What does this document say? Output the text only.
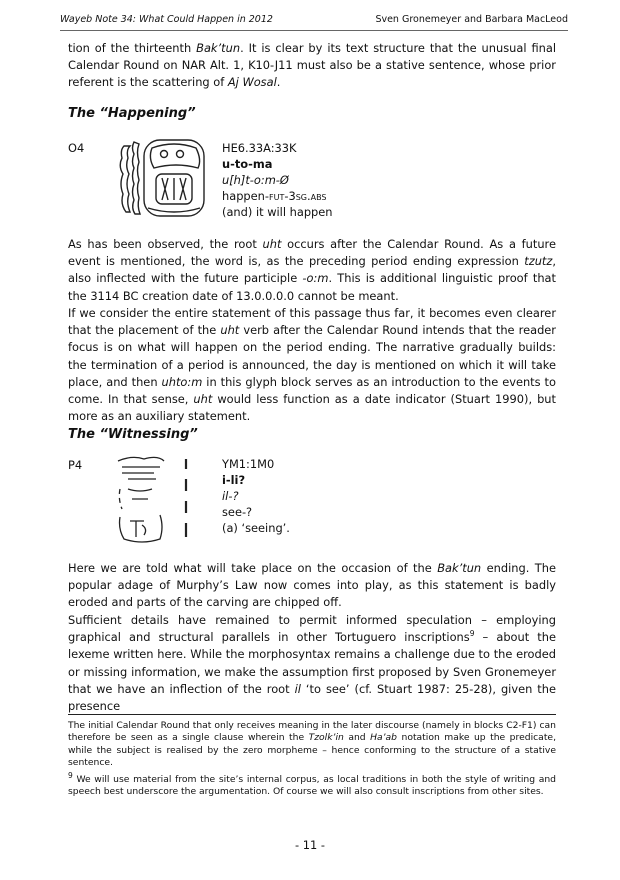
Wayeb Note 34: What Could Happen in 2012	Sven Gronemeyer and Barbara MacLeod
tion of the thirteenth Bak’tun. It is clear by its text structure that the unusual final Calendar Round on NAR Alt. 1, K10-J11 must also be a stative sentence, whose prior referent is the scattering of Aj Wosal.
The “Happening”
O4	HE6.33A:33K
u-to-ma
u[h]t-o:m-Ø
happen-fut-3sg.abs
(and) it will happen
As has been observed, the root uht occurs after the Calendar Round. As a future event is mentioned, the word is, as the preceding period ending expression tzutz, also inflected with the future participle -o:m. This is additional linguistic proof that the 3114 BC creation date of 13.0.0.0.0 cannot be meant.
If we consider the entire statement of this passage thus far, it becomes even clearer that the placement of the uht verb after the Calendar Round intends that the reader focus is on what will happen on the period ending. The narrative gradually builds: the termination of a period is announced, the day is mentioned on which it will take place, and then uhto:m in this glyph block serves as an introduction to the events to come. In that sense, uht would less function as a date indicator (Stuart 1990), but more as an auxiliary statement.
The “Witnessing”
P4	YM1:1M0
i-li?
il-?
see-?
(a) ‘seeing’.
Here we are told what will take place on the occasion of the Bak’tun ending. The popular adage of Murphy’s Law now comes into play, as this statement is badly eroded and parts of the carving are chipped off.
Sufficient details have remained to permit informed speculation – employing graphical and structural parallels in other Tortuguero inscriptions$^9$ – about the lexeme written here. While the morphosyntax remains a challenge due to the eroded or missing information, we make the assumption first proposed by Sven Gronemeyer that we have an inflection of the root il ‘to see’ (cf. Stuart 1987: 25-28), given the presence
The initial Calendar Round that only receives meaning in the later discourse (namely in blocks C2-F1) can therefore be seen as a single clause wherein the Tzolk’in and Ha’ab notation make up the predicate, while the subject is realised by the zero morpheme – hence conforming to the structure of a stative sentence.
$^9$ We will use material from the site’s internal corpus, as local traditions in both the style of writing and speech best underscore the argumentation. Of course we will also consult inscriptions from other sites.
- 11 -
